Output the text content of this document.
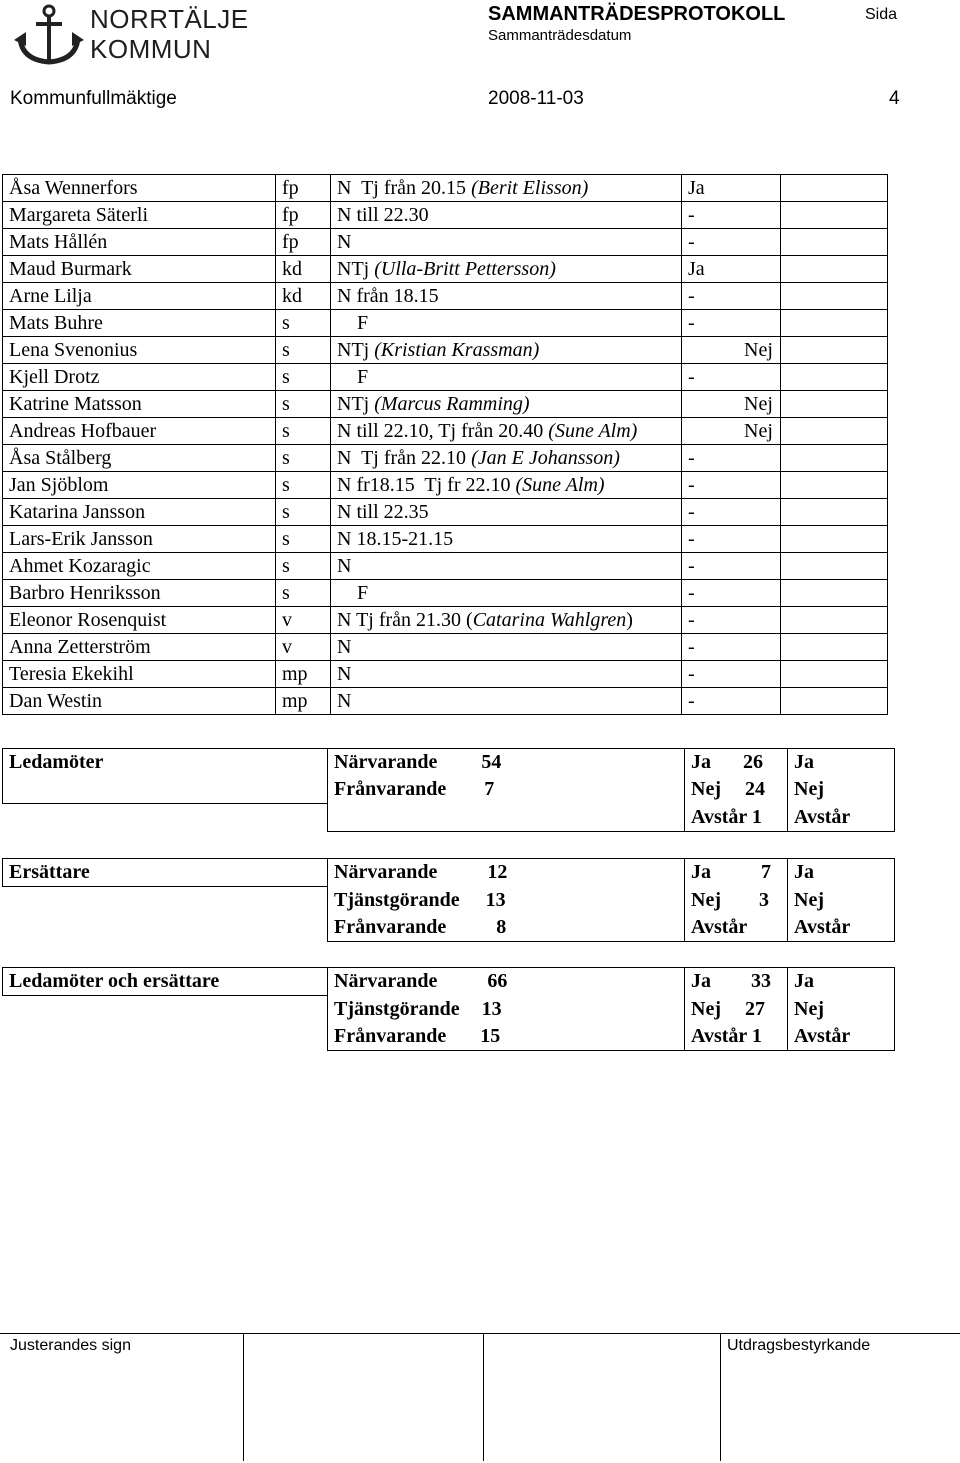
NORRTÄLJE
KOMMUN
SAMMANTRÄDESPROTOKOLL
Sammanträdesdatum
Sida
Kommunfullmäktige	2008-11-03	4
Åsa Wennerfors	fp	N  Tj från 20.15 (Berit Elisson)	Ja	
Margareta Säterli	fp	N till 22.30	-	
Mats Hållén	fp	N	-	
Maud Burmark	kd	NTj (Ulla-Britt Pettersson)	Ja	
Arne Lilja	kd	N från 18.15	-	
Mats Buhre	s	F	-	
Lena Svenonius	s	NTj (Kristian Krassman)	Nej	
Kjell Drotz	s	F	-	
Katrine Matsson	s	NTj (Marcus Ramming)	Nej	
Andreas Hofbauer	s	N till 22.10, Tj från 20.40 (Sune Alm)	Nej	
Åsa Stålberg	s	N  Tj från 22.10 (Jan E Johansson)	-	
Jan Sjöblom	s	N fr18.15  Tj fr 22.10 (Sune Alm)	-	
Katarina Jansson	s	N till 22.35	-	
Lars-Erik Jansson	s	N 18.15-21.15	-	
Ahmet Kozaragic	s	N	-	
Barbro Henriksson	s	F	-	
Eleonor Rosenquist	v	N Tj från 21.30 (Catarina Wahlgren)	-	
Anna Zetterström	v	N	-	
Teresia Ekekihl	mp	N	-	
Dan Westin	mp	N	-	
Ledamöter	Närvarande 54	Ja 26	Ja
	Frånvarande 7	Nej 24	Nej
		Avstår 1	Avstår
Ersättare	Närvarande 12	Ja 7	Ja
	Tjänstgörande 13	Nej 3	Nej
	Frånvarande 8	Avstår	Avstår
Ledamöter och ersättare	Närvarande 66	Ja 33	Ja
	Tjänstgörande 13	Nej 27	Nej
	Frånvarande 15	Avstår 1	Avstår
Justerandes sign	Utdragsbestyrkande
